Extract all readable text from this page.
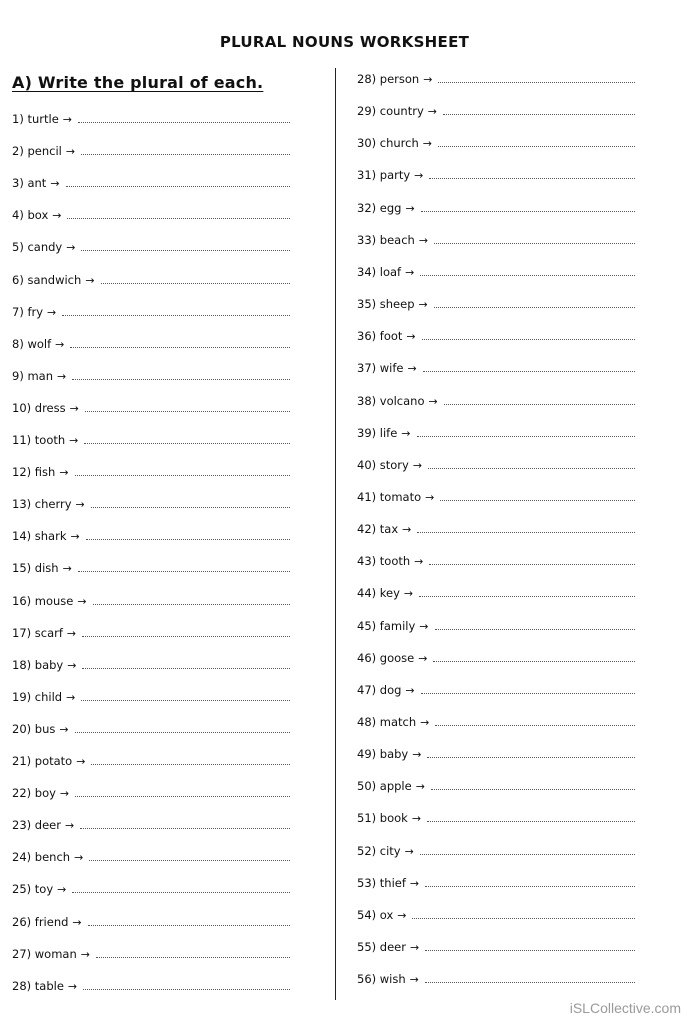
PLURAL NOUNS WORKSHEET
A) Write the plural of each.
1) turtle →
2) pencil →
3) ant →
4) box →
5) candy →
6) sandwich →
7) fry →
8) wolf →
9) man →
10) dress →
11) tooth →
12) fish →
13) cherry →
14) shark →
15) dish →
16) mouse →
17) scarf →
18) baby →
19) child →
20) bus →
21) potato →
22) boy →
23) deer →
24) bench →
25) toy →
26) friend →
27) woman →
28) table →
28) person →
29) country →
30) church →
31) party →
32) egg →
33) beach →
34) loaf →
35) sheep →
36) foot →
37) wife →
38) volcano →
39) life →
40) story →
41) tomato →
42) tax →
43) tooth →
44) key →
45) family →
46) goose →
47) dog →
48) match →
49) baby →
50) apple →
51) book →
52) city →
53) thief →
54) ox →
55) deer →
56) wish →
iSLCollective.com
